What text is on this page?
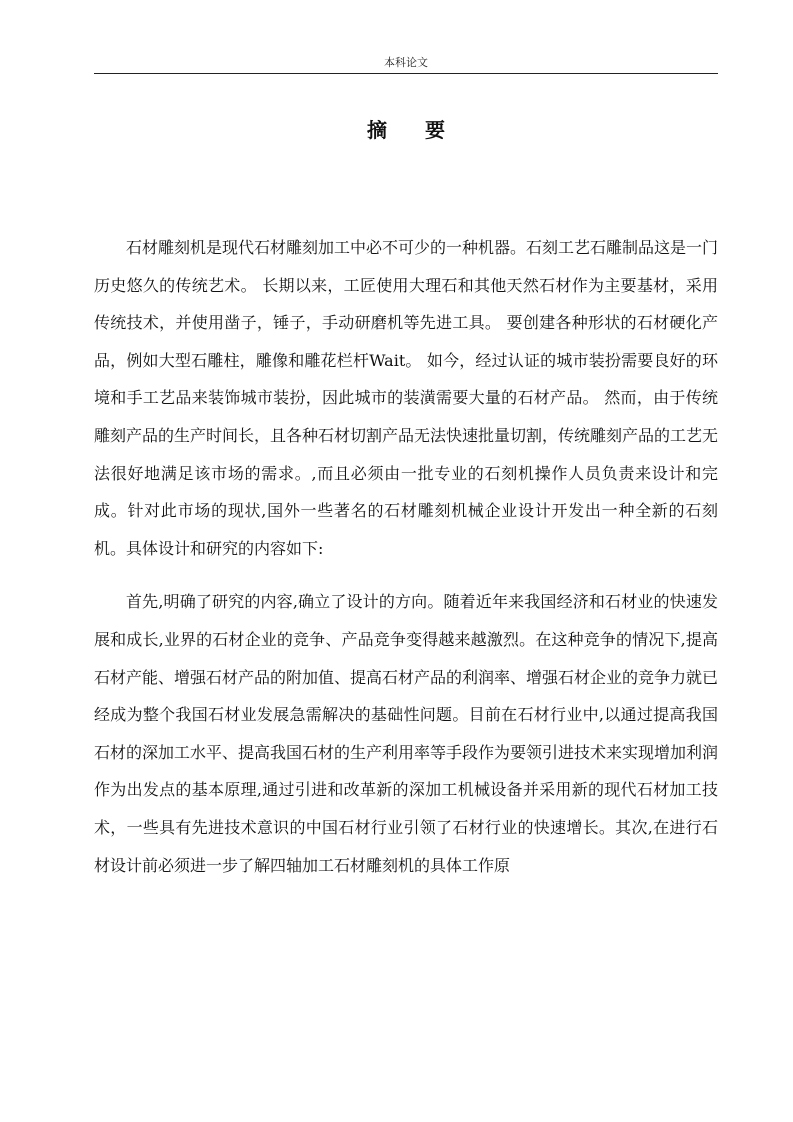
本科论文
摘要

石材雕刻机是现代石材雕刻加工中必不可少的一种机器。石刻工艺石雕制品这是一门历史悠久的传统艺术。 长期以来，工匠使用大理石和其他天然石材作为主要基材，采用传统技术，并使用凿子，锤子，手动研磨机等先进工具。 要创建各种形状的石材硬化产品，例如大型石雕柱，雕像和雕花栏杆Wait。 如今，经过认证的城市装扮需要良好的环境和手工艺品来装饰城市装扮，因此城市的装潢需要大量的石材产品。 然而，由于传统雕刻产品的生产时间长，且各种石材切割产品无法快速批量切割，传统雕刻产品的工艺无法很好地满足该市场的需求。,而且必须由一批专业的石刻机操作人员负责来设计和完成。针对此市场的现状,国外一些著名的石材雕刻机械企业设计开发出一种全新的石刻机。具体设计和研究的内容如下:

首先,明确了研究的内容,确立了设计的方向。随着近年来我国经济和石材业的快速发展和成长,业界的石材企业的竞争、产品竞争变得越来越激烈。在这种竞争的情况下,提高石材产能、增强石材产品的附加值、提高石材产品的利润率、增强石材企业的竞争力就已经成为整个我国石材业发展急需解决的基础性问题。目前在石材行业中,以通过提高我国石材的深加工水平、提高我国石材的生产利用率等手段作为要领引进技术来实现增加利润作为出发点的基本原理,通过引进和改革新的深加工机械设备并采用新的现代石材加工技术，一些具有先进技术意识的中国石材行业引领了石材行业的快速增长。其次,在进行石材设计前必须进一步了解四轴加工石材雕刻机的具体工作原
